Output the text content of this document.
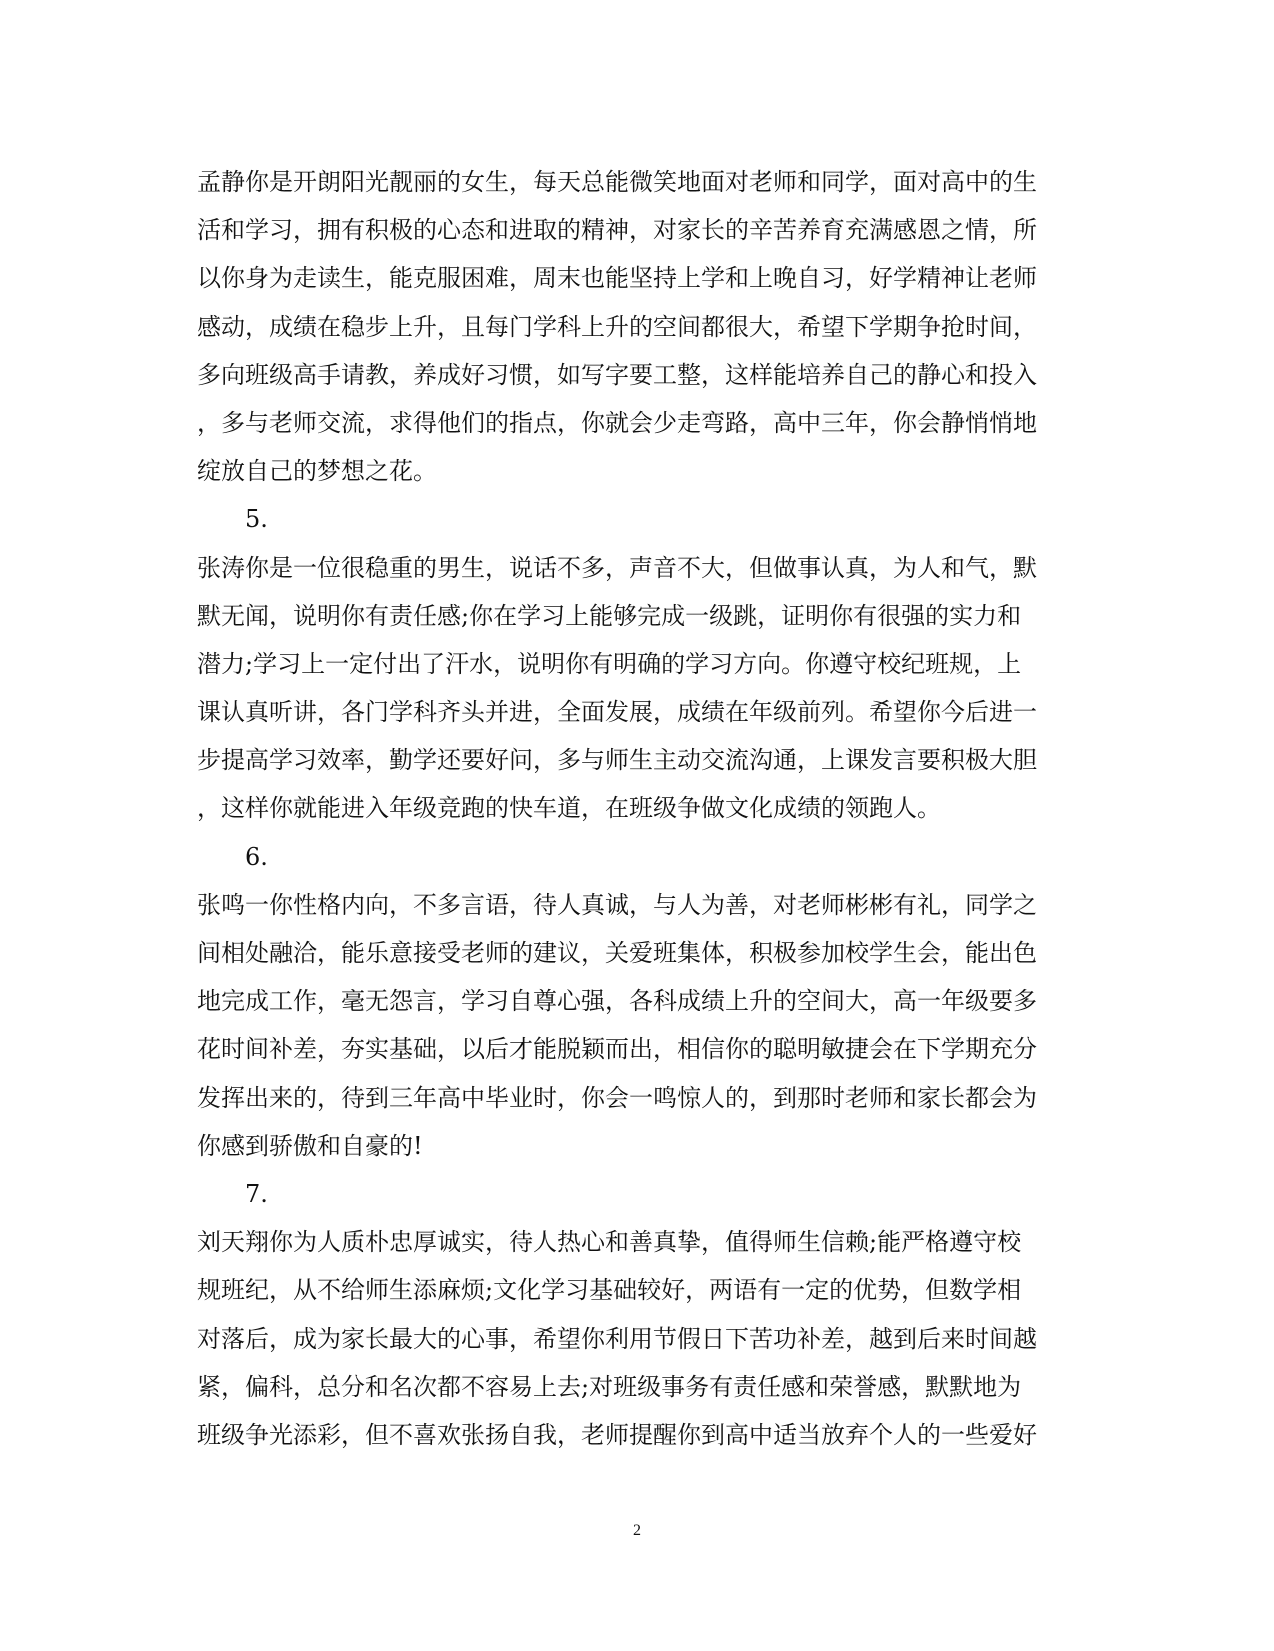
孟静你是开朗阳光靓丽的女生，每天总能微笑地面对老师和同学，面对高中的生
活和学习，拥有积极的心态和进取的精神，对家长的辛苦养育充满感恩之情，所
以你身为走读生，能克服困难，周末也能坚持上学和上晚自习，好学精神让老师
感动，成绩在稳步上升，且每门学科上升的空间都很大，希望下学期争抢时间，
多向班级高手请教，养成好习惯，如写字要工整，这样能培养自己的静心和投入
，多与老师交流，求得他们的指点，你就会少走弯路，高中三年，你会静悄悄地
绽放自己的梦想之花。
5.
张涛你是一位很稳重的男生，说话不多，声音不大，但做事认真，为人和气，默
默无闻，说明你有责任感;你在学习上能够完成一级跳，证明你有很强的实力和
潜力;学习上一定付出了汗水，说明你有明确的学习方向。你遵守校纪班规，上
课认真听讲，各门学科齐头并进，全面发展，成绩在年级前列。希望你今后进一
步提高学习效率，勤学还要好问，多与师生主动交流沟通，上课发言要积极大胆
，这样你就能进入年级竞跑的快车道，在班级争做文化成绩的领跑人。
6.
张鸣一你性格内向，不多言语，待人真诚，与人为善，对老师彬彬有礼，同学之
间相处融洽，能乐意接受老师的建议，关爱班集体，积极参加校学生会，能出色
地完成工作，毫无怨言，学习自尊心强，各科成绩上升的空间大，高一年级要多
花时间补差，夯实基础，以后才能脱颖而出，相信你的聪明敏捷会在下学期充分
发挥出来的，待到三年高中毕业时，你会一鸣惊人的，到那时老师和家长都会为
你感到骄傲和自豪的!
7.
刘天翔你为人质朴忠厚诚实，待人热心和善真挚，值得师生信赖;能严格遵守校
规班纪，从不给师生添麻烦;文化学习基础较好，两语有一定的优势，但数学相
对落后，成为家长最大的心事，希望你利用节假日下苦功补差，越到后来时间越
紧，偏科，总分和名次都不容易上去;对班级事务有责任感和荣誉感，默默地为
班级争光添彩，但不喜欢张扬自我，老师提醒你到高中适当放弃个人的一些爱好
2
